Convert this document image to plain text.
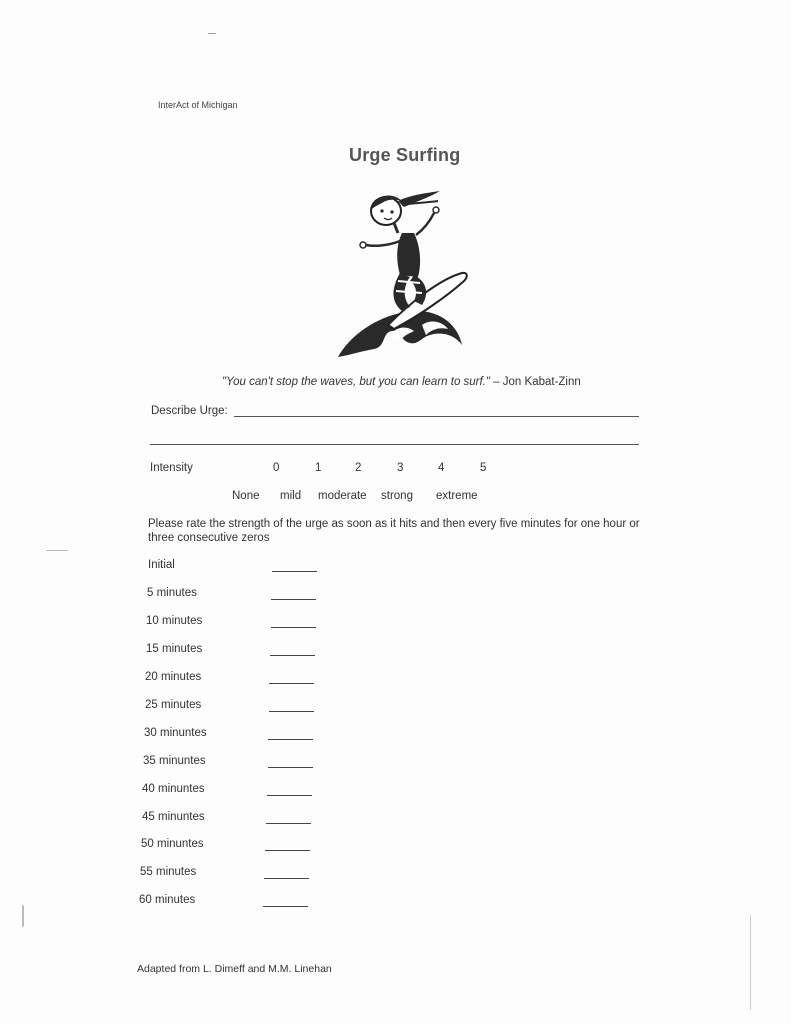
InterAct of Michigan
Urge Surfing
"You can't stop the waves, but you can learn to surf." – Jon Kabat-Zinn
Describe Urge:
Intensity	0	1	2	3	4	5
None mild moderate strong extreme
Please rate the strength of the urge as soon as it hits and then every five minutes for one hour or three consecutive zeros
Initial
5 minutes
10 minutes
15 minutes
20 minutes
25 minutes
30 minuntes
35 minuntes
40 minuntes
45 minuntes
50 minuntes
55 minutes
60 minutes
Adapted from L. Dimeff and M.M. Linehan
